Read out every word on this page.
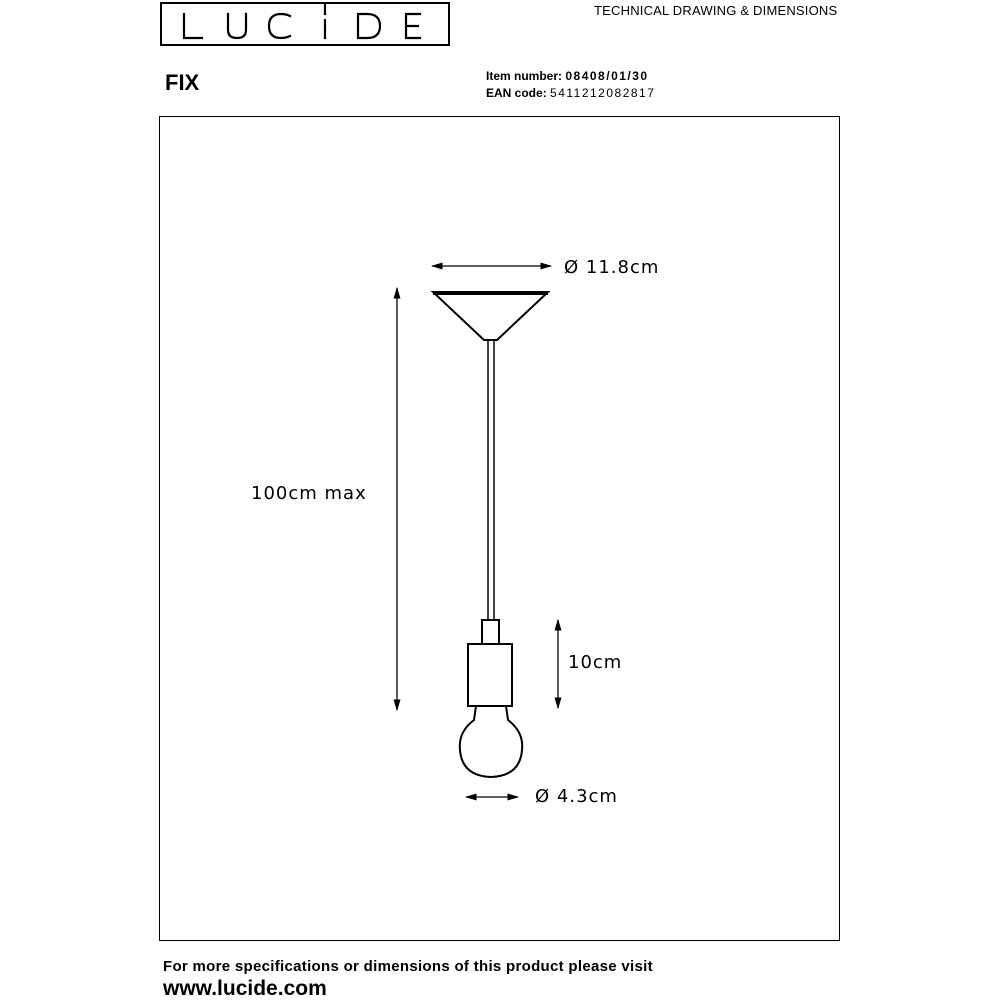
TECHNICAL DRAWING & DIMENSIONS
FIX	Item number: 08408/01/30
EAN code: 5411212082817
Ø 11.8cm
100cm max
10cm
Ø 4.3cm
For more specifications or dimensions of this product please visit
www.lucide.com
